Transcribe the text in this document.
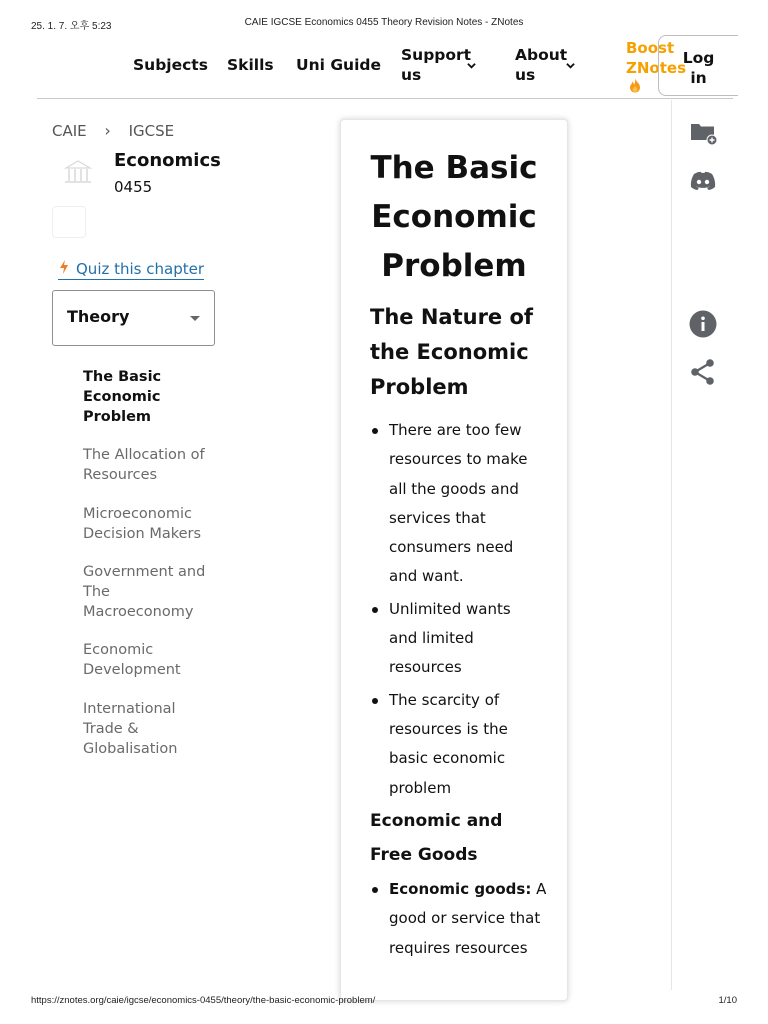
25. 1. 7. 오후 5:23	CAIE IGCSE Economics 0455 Theory Revision Notes - ZNotes
Subjects Skills Uni Guide
Support
us
About
us
Boost
ZNotes
Log
in
CAIE › IGCSE
Economics
0455
Quiz this chapter
Theory
The Basic
Economic
Problem
The Allocation of
Resources
Microeconomic
Decision Makers
Government and
The
Macroeconomy
Economic
Development
International
Trade &
Globalisation
The Basic
Economic
Problem
The Nature of
the Economic
Problem
There are too few
resources to make
all the goods and
services that
consumers need
and want.
Unlimited wants
and limited
resources
The scarcity of
resources is the
basic economic
problem
Economic and
Free Goods
Economic goods: A
good or service that
requires resources
https://znotes.org/caie/igcse/economics-0455/theory/the-basic-economic-problem/	1/10
